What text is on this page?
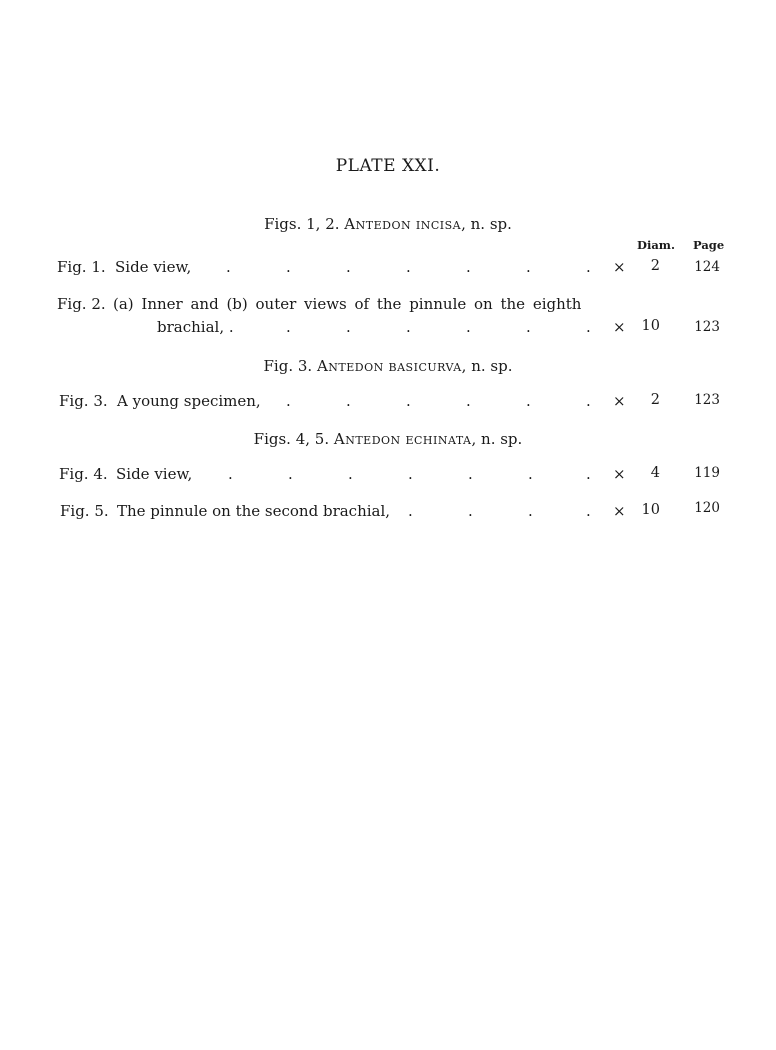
PLATE XXI.
Figs. 1, 2. Antedon incisa, n. sp.
Diam. Page
Fig. 1. Side view, .	.	.	.	.	.	. ×	2	124
Fig. 2. (a) Inner and (b) outer views of the pinnule on the eighth
brachial, .	.	.	.	.	.	. ×	10	123
Fig. 3. Antedon basicurva, n. sp.
Fig. 3. A young specimen, .	.	.	.	.	. ×	2	123
Figs. 4, 5. Antedon echinata, n. sp.
Fig. 4. Side view, .	.	.	.	.	.	. ×	4	119
Fig. 5. The pinnule on the second brachial, .	.	.	. ×	10	120
